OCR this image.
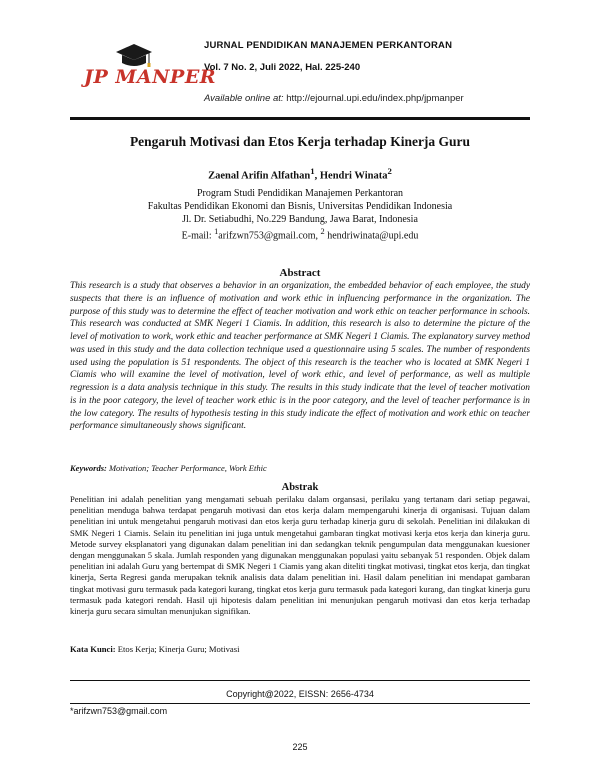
JP MANPER
JURNAL PENDIDIKAN MANAJEMEN PERKANTORAN
Vol. 7 No. 2, Juli 2022, Hal. 225-240
Available online at: http://ejournal.upi.edu/index.php/jpmanper
Pengaruh Motivasi dan Etos Kerja terhadap Kinerja Guru
Zaenal Arifin Alfathan$^1$, Hendri Winata$^2$
Program Studi Pendidikan Manajemen Perkantoran
Fakultas Pendidikan Ekonomi dan Bisnis, Universitas Pendidikan Indonesia
Jl. Dr. Setiabudhi, No.229 Bandung, Jawa Barat, Indonesia
E-mail: $^1$arifzwn753@gmail.com, $^2$ hendriwinata@upi.edu
Abstract

This research is a study that observes a behavior in an organization, the embedded behavior of each employee, the study suspects that there is an influence of motivation and work ethic in influencing performance in the organization. The purpose of this study was to determine the effect of teacher motivation and work ethic on teacher performance in schools. This research was conducted at SMK Negeri 1 Ciamis. In addition, this research is also to determine the picture of the level of motivation to work, work ethic and teacher performance at SMK Negeri 1 Ciamis. The explanatory survey method was used in this study and the data collection technique used a questionnaire using 5 scales. The number of respondents used using the population is 51 respondents. The object of this research is the teacher who is located at SMK Negeri 1 Ciamis who will examine the level of motivation, level of work ethic, and level of performance, as well as multiple regression is a data analysis technique in this study. The results in this study indicate that the level of teacher motivation is in the poor category, the level of teacher work ethic is in the poor category, and the level of teacher performance is in the low category. The results of hypothesis testing in this study indicate the effect of motivation and work ethic on teacher performance simultaneously shows significant.

Keywords: Motivation; Teacher Performance, Work Ethic
Abstrak

Penelitian ini adalah penelitian yang mengamati sebuah perilaku dalam organsasi, perilaku yang tertanam dari setiap pegawai, penelitian menduga bahwa terdapat pengaruh motivasi dan etos kerja dalam mempengaruhi kinerja di organisasi. Tujuan dalam penelitian ini untuk mengetahui pengaruh motivasi dan etos kerja guru terhadap kinerja guru di sekolah. Penelitian ini dilakukan di SMK Negeri 1 Ciamis. Selain itu penelitian ini juga untuk mengetahui gambaran tingkat motivasi kerja etos kerja dan kinerja guru. Metode survey eksplanatori yang digunakan dalam penelitian ini dan sedangkan teknik pengumpulan data menggunakan kuesioner dengan menggunakan 5 skala. Jumlah responden yang digunakan menggunakan populasi yaitu sebanyak 51 responden. Objek dalam penelitian ini adalah Guru yang bertempat di SMK Negeri 1 Ciamis yang akan diteliti tingkat motivasi, tingkat etos kerja, dan tingkat kinerja, Serta Regresi ganda merupakan teknik analisis data dalam penelitian ini. Hasil dalam penelitian ini mendapat gambaran tingkat motivasi guru termasuk pada kategori kurang, tingkat etos kerja guru termasuk pada kategori kurang, dan tingkat kinerja guru termasuk pada kategori rendah. Hasil uji hipotesis dalam penelitian ini menunjukan pengaruh motivasi dan etos kerja terhadap kinerja guru secara simultan menunjukan signifikan.

Kata Kunci: Etos Kerja; Kinerja Guru; Motivasi
Copyright@2022, EISSN: 2656-4734
*arifzwn753@gmail.com
225
